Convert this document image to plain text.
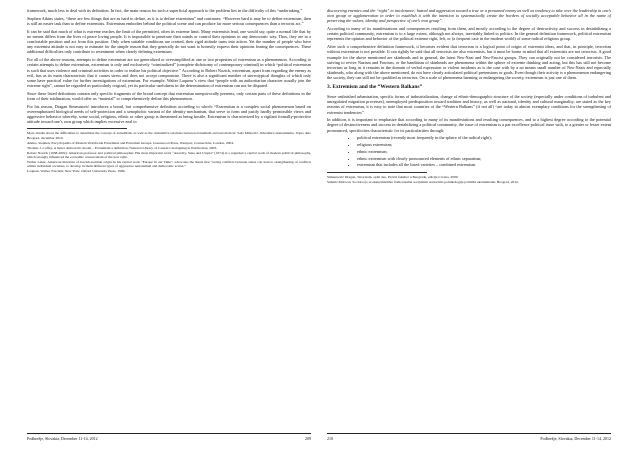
framework, much less to deal with its definition. In fact, the main reason for such a superficial approach to the problem lies in the difficulty of this “undertaking.”

Stephen Atkins states, “there are few things that are as hard to define, as it is to define extremism” and continues: “However hard it may be to define extremism, then is still an easier task than to define extremists. Extremism embodies behind the political scene and can produce far more serious consequences than a terrorist act.”

It can be said that much of what is extreme reaches the limit of the permitted, often its extreme limit. Many extremists lead, one would say, quite a normal life that by no means differs from the lives of peace loving people. It is impossible to penetrate their minds or control their opinions in any democratic way. Thus, they are in a comfortable position and act from this position. Only when suitable conditions are created, their rigid attitude turns into action. Yet the number of people who have any extremist attitude is not easy to estimate for the simple reason that they generally do not want to honestly express their opinions fearing the consequences. These additional difficulties only contribute to resentment when clearly defining extremism.

For all of the above reasons, attempts to define extremism are too generalized or oversimplified at one or two properties of extremism as a phenomenon. According to certain attempts to define extremism, extremism is only and exclusively “criminalized” (complete dichotomy of contemporary criminal) in which “political extremism is such that uses violence and criminal activities in order to realize his political objective.” According to Robert Nozick, extremism, apart from regarding the enemy as evil, has as its main characteristic that it causes stress and does not accept compromise. There is also a significant number of stereotypical thoughts of which only some have practical value for further investigations of extremism. For example, Walter Laqueur’s view that “people with an authoritarian character usually join the extreme right”, cannot be regarded as particularly original, yet its particular usefulness in the determination of extremism can not be disputed.

Since these listed definitions contain only specific fragments of the broad concept that extremism unequivocally presents, only certain parts of these definitions in the form of their sublimation, would offer us “material” to comprehensively define this phenomenon.

For his reason, Dragan Simeunović introduces a broad, but comprehensive definition according to which: “Extremism is a complex social phenomenon based on overemphasized biological needs of self-protection and a xenophobic variant of the identity mechanism, that serve to form and justify hardly permissible views and aggressive behavior whereby, some social, religious, ethnic or other group is threatened as being hostile. Extremism is characterized by a vigilant formally-protective attitude toward one’s own group which implies excessive zeal to

More details about the difficulties to determine the concept of extremism, as well as the cumulative relations between extremism and terrorism in: Saša Mirković, Odrednice ekstremizma, Vojno delo Beograd, decembar 2010.

Atkins, Stephen, Encyclopedia of Modern Worldwide Extremists and Extremist Groups, Greenwood Press, Westport, Connecticut, London, 2004.

Thomas J. Coffey, A better democratic model – Extremism a definition, National Library of Canada Cataloguing in Publication, 2003.

Robert Nozick (1938-2002). American professor and political philosopher. His most important work “Anarchy, State and Utopia” (1974) is a regarded a capital work of modern political philosophy, which strongly influenced the economic conservatism of the new right.

Walter Laker, American historian of Jewish-German origin in his capital work “Europe in our Time”, advocates the thesis that “racing conflicts between states can lead to strengthening of conflicts within individual societies, to develop in them different types of aggressive nationalism and democratic action.”

Laqueur, Walter. Fascism: New York: Oxford University Press, 1996.

Podbrežje, Slovakia, December 11-14, 2012	209

discovering enemies and the “right” to intolerance; hatred and aggression toward a true or a presumed enemy as well as tendency to take over the leadership in one’s own group or agglomeration in order to establish it with the intention to systematically create the borders of socially acceptable behavior all in the name of preserving the values, identity and perspective of one’s own group”.

According to many of its manifestations and consequences resulting from them, and mostly according to the degree of destructivity and success in destabilizing a certain political community, extremism is to a large extent, although not always, inevitably linked to politics. In the general definition framework, political extremism represents the opinion and behavior of the political extreme right, left, or (a frequent case in the modern world) of some radical religious group.

After such a comprehensive definition framework, it becomes evident that terrorism is a logical point of origin of extremist ideas, and that, in principle, terrorism without extremism is not possible. It can rightly be said that all terrorists are also extremists, but it must be borne in mind that all extremists are not terrorists. A good example for the above mentioned are skinheads and in general, the latest Neo-Nazi and Neo-Fascist groups. They can originally not be considered terrorists. The striving to revive Nazism and Fascism, or the banditism of skinheads are phenomena within the sphere of extreme thinking and acting, but this has still not become terrorism as long as it remains in the domain of verbal expression or violent incidents as is the case with by a no means small number of Neo-Nazis and especially skinheads, who along with the above mentioned, do not have clearly articulated political pretensions or goals. Even though their activity is a phenomenon endangering the society, they can still not be qualified as terrorists. On a scale of phenomena harming or endangering the society, extremism is just one of them.

3. Extremism and the “Western Balkans”

Since unfinished urbanization, specific forms of industrialization, change of ethnic-demographic structure of the society (especially under conditions of turbulent and unregulated migration processes), unemployed predisposition toward tradition and history, as well as national, identity and cultural marginality, are stated as the key reasons of extremism, it is easy to note that most countries of the “Western Balkans” (if not all) “are today in almost exemplary conditions for the strengthening of extremist tendencies”.

In addition, it is important to emphasize that according to many of its manifestations and resulting consequences, and to a highest degree according to the potential degree of destructiveness and success in destabilizing a political community, the issue of extremism is a par excellence political issue with, to a greater or lesser extent pronounced, specificities characteristic for its particularities through:

• political extremism (recently most frequently in the sphere of the radical right);
• religious extremism;
• ethnic extremism;
• ethnic extremism with clearly pronounced elements of ethnic separatism;
• extremism that includes all the listed varieties – combined extremism.

Simeunović Dragan, Terorizam, opšti deo, Pravni fakultet u Beogradu, edicija Crvena, 2009.

Suhalić Milovan, Socioloojo se ekstremističke tradicionalne socijalnim nosiocima politikologije politički ekstremizam, Beograd, 2012.

210	Podbrežje, Slovakia, December 11-14, 2012
